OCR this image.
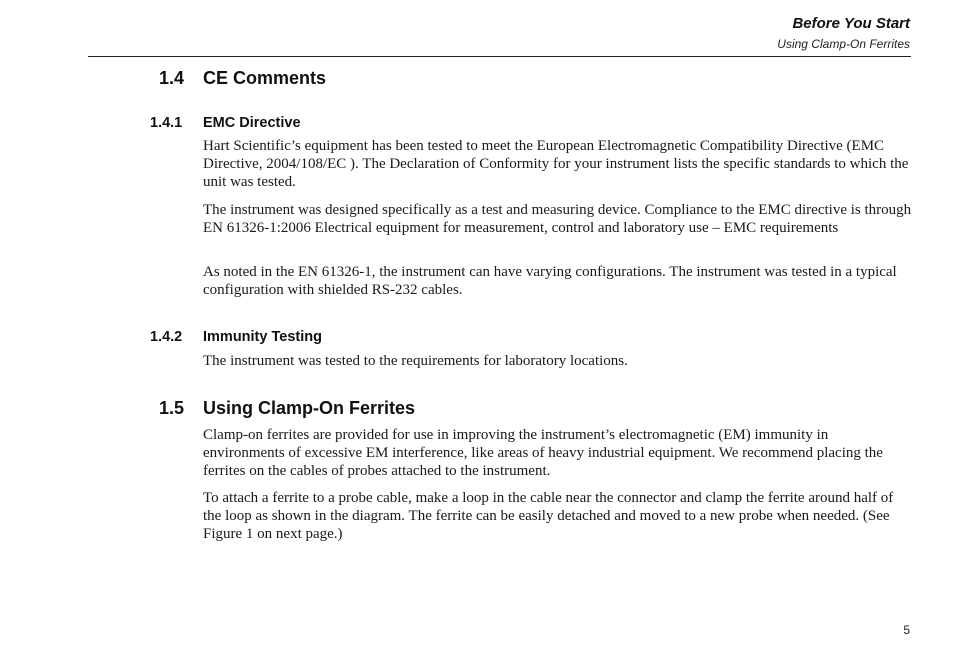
Before You Start
Using Clamp-On Ferrites
1.4 CE Comments
1.4.1 EMC Directive

Hart Scientific’s equipment has been tested to meet the European Electromagnetic Compatibility Directive (EMC Directive, 2004/108/EC ). The Declaration of Conformity for your instrument lists the specific standards to which the unit was tested.

The instrument was designed specifically as a test and measuring device. Compliance to the EMC directive is through EN 61326-1:2006 Electrical equipment for measurement, control and laboratory use – EMC requirements

As noted in the EN 61326-1, the instrument can have varying configurations. The instrument was tested in a typical configuration with shielded RS-232 cables.

1.4.2 Immunity Testing

The instrument was tested to the requirements for laboratory locations.

1.5 Using Clamp-On Ferrites

Clamp-on ferrites are provided for use in improving the instrument’s electromagnetic (EM) immunity in environments of excessive EM interference, like areas of heavy industrial equipment. We recommend placing the ferrites on the cables of probes attached to the instrument.

To attach a ferrite to a probe cable, make a loop in the cable near the connector and clamp the ferrite around half of the loop as shown in the diagram. The ferrite can be easily detached and moved to a new probe when needed. (See Figure 1 on next page.)

5
